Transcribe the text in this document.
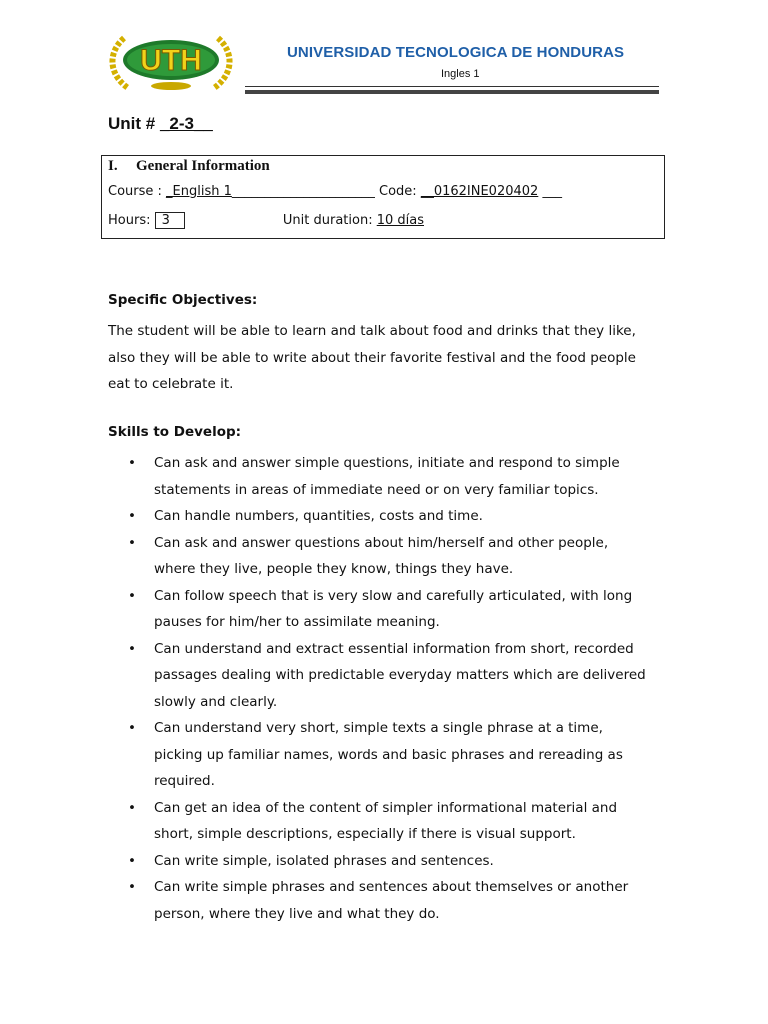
UTH	UNIVERSIDAD TECNOLOGICA DE HONDURAS
Ingles 1
Unit # _2-3__
I. General Information
Course : _English 1______________________ Code: __0162INE020402 ___
Hours: 3	Unit duration: 10 días
Specific Objectives:
The student will be able to learn and talk about food and drinks that they like,
also they will be able to write about their favorite festival and the food people
eat to celebrate it.
Skills to Develop:
• Can ask and answer simple questions, initiate and respond to simple
statements in areas of immediate need or on very familiar topics.
• Can handle numbers, quantities, costs and time.
• Can ask and answer questions about him/herself and other people,
where they live, people they know, things they have.
• Can follow speech that is very slow and carefully articulated, with long
pauses for him/her to assimilate meaning.
• Can understand and extract essential information from short, recorded
passages dealing with predictable everyday matters which are delivered
slowly and clearly.
• Can understand very short, simple texts a single phrase at a time,
picking up familiar names, words and basic phrases and rereading as
required.
• Can get an idea of the content of simpler informational material and
short, simple descriptions, especially if there is visual support.
• Can write simple, isolated phrases and sentences.
• Can write simple phrases and sentences about themselves or another
person, where they live and what they do.
